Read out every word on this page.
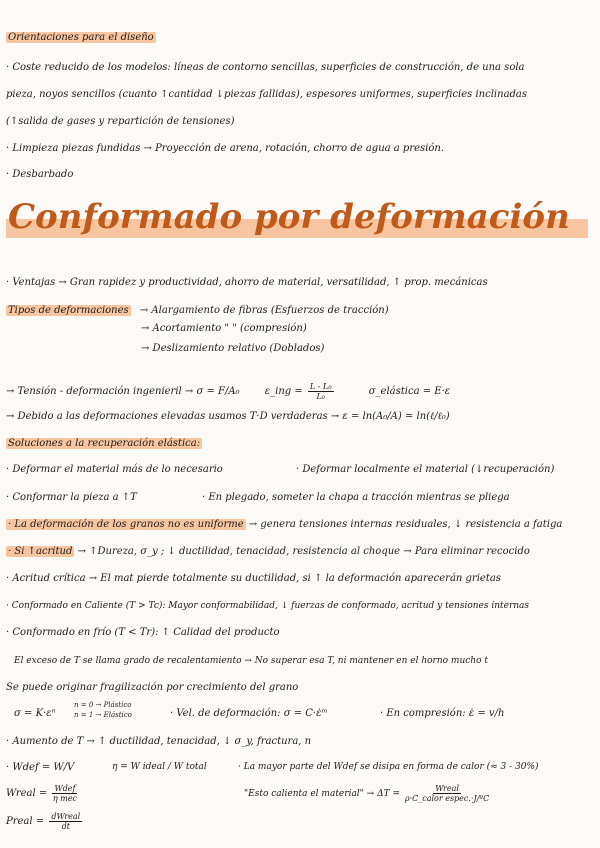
Orientaciones para el diseño
· Coste reducido de los modelos: líneas de contorno sencillas, superficies de construcción, de una sola
pieza, noyos sencillos (cuanto ↑cantidad ↓piezas fallidas), espesores uniformes, superficies inclinadas
(↑salida de gases y repartición de tensiones)
· Limpieza piezas fundidas → Proyección de arena, rotación, chorro de agua a presión.
· Desbarbado
Conformado por deformación
· Ventajas → Gran rapidez y productividad, ahorro de material, versatilidad, ↑ prop. mecánicas
Tipos de deformaciones → Alargamiento de fibras (Esfuerzos de tracción)
→ Acortamiento " " (compresión)
→ Deslizamiento relativo (Doblados)
→ Tensión - deformación ingenieril → σ = F/A₀	ε_ing = $\frac{\text{L - L₀}}{\text{L₀}}$	σ_elástica = E·ε
→ Debido a las deformaciones elevadas usamos T·D verdaderas → ε = ln(A₀/A) = ln(ℓ/ℓ₀)
Soluciones a la recuperación elástica:
· Deformar el material más de lo necesario	· Deformar localmente el material (↓recuperación)
· Conformar la pieza a ↑T	· En plegado, someter la chapa a tracción mientras se pliega
· La deformación de los granos no es uniforme → genera tensiones internas residuales, ↓ resistencia a fatiga
· Si ↑acritud → ↑Dureza, σ_y ; ↓ ductilidad, tenacidad, resistencia al choque → Para eliminar recocido
· Acritud crítica → El mat pierde totalmente su ductilidad, si ↑ la deformación aparecerán grietas
· Conformado en Caliente (T > Tc): Mayor conformabilidad, ↓ fuerzas de conformado, acritud y tensiones internas
· Conformado en frío (T < Tr): ↑ Calidad del producto
El exceso de T se llama grado de recalentamiento → No superar esa T, ni mantener en el horno mucho t
Se puede originar fragilización por crecimiento del grano
σ = K·εⁿ
n = 0 → Plástico
n = 1 → Elástico	· Vel. de deformación: σ = C·ε̇ᵐ	· En compresión: ε̇ = v/h
· Aumento de T → ↑ ductilidad, tenacidad, ↓ σ_y, fractura, n
· Wdef = W/V	η = W ideal / W total	· La mayor parte del Wdef se disipa en forma de calor (≈ 3 - 30%)
Wreal = $\frac{\text{Wdef}}{\text{η mec}}$	"Esto calienta el material" → $\Delta T = \frac{\text{Wreal}}{\text{ρ·C\_calor espec.·J/ºC}}$
Preal = $\frac{\text{dWreal}}{dt}$
